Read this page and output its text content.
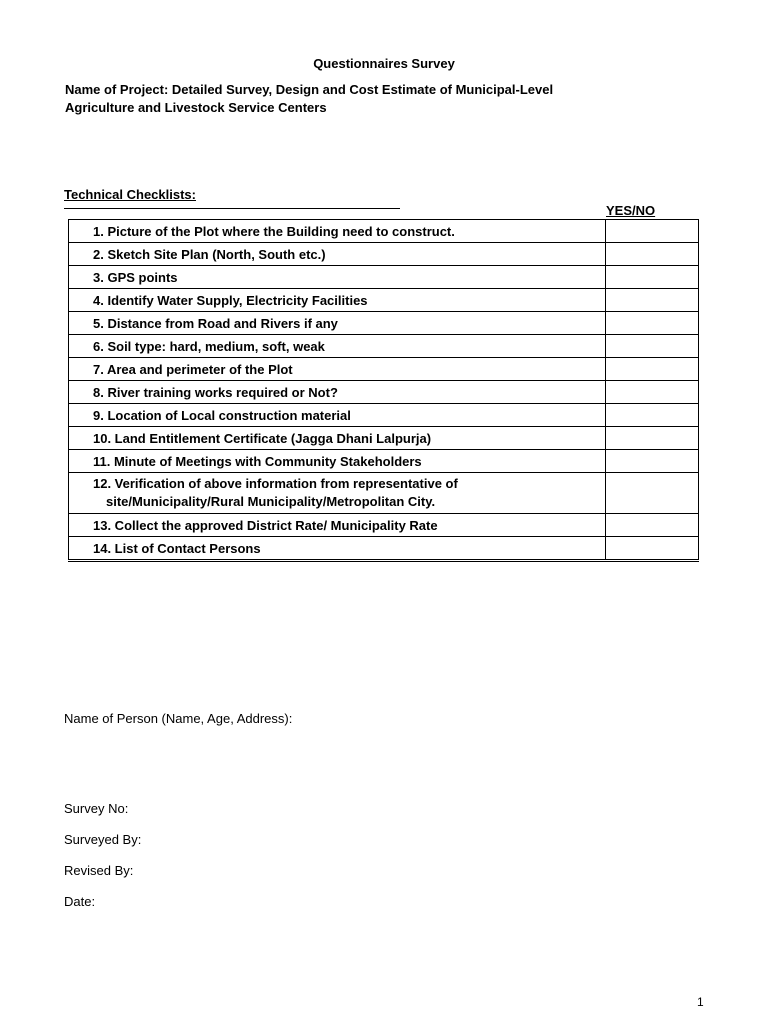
Questionnaires Survey
Name of Project: Detailed Survey, Design and Cost Estimate of Municipal-Level
Agriculture and Livestock Service Centers
Technical Checklists:
YES/NO
1. Picture of the Plot where the Building need to construct.	
2. Sketch Site Plan (North, South etc.)	
3. GPS points	
4. Identify Water Supply, Electricity Facilities	
5. Distance from Road and Rivers if any	
6. Soil type: hard, medium, soft, weak	
7. Area and perimeter of the Plot	
8. River training works required or Not?	
9. Location of Local construction material	
10. Land Entitlement Certificate (Jagga Dhani Lalpurja)	
11. Minute of Meetings with Community Stakeholders	

12. Verification of above information from representative of
site/Municipality/Rural Municipality/Metropolitan City.	

13. Collect the approved District Rate/ Municipality Rate	
14. List of Contact Persons	
Name of Person (Name, Age, Address):
Survey No:
Surveyed By:
Revised By:
Date:
1
